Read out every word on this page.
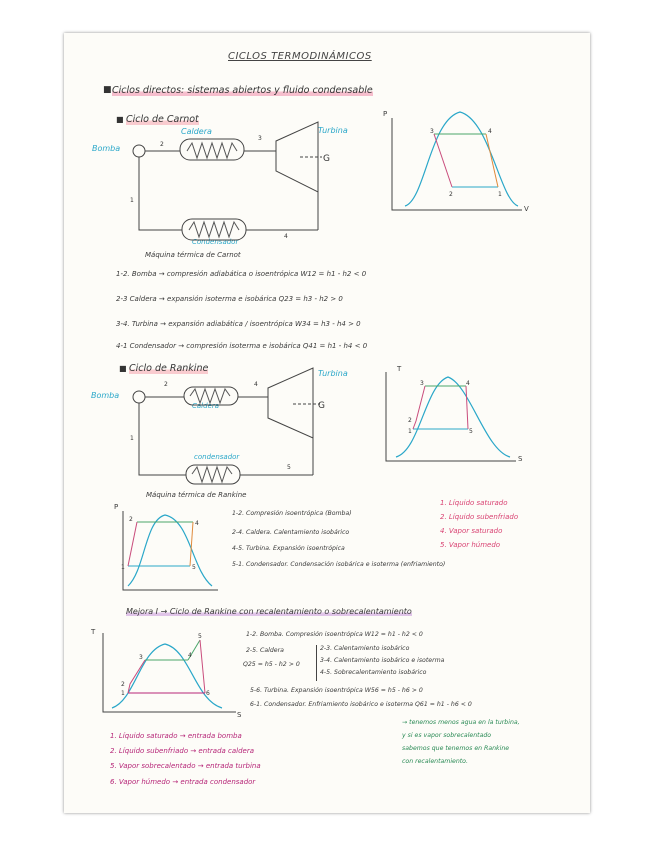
CICLOS TERMODINÁMICOS
■ Ciclos directos: sistemas abiertos y fluido condensable
■ Ciclo de Carnot
Caldera	Turbina
Bomba
Condensador
Máquina térmica de Carnot
2
3
1
4
G
P
V
3	4
2	1
1-2. Bomba → compresión adiabática o isoentrópica W12 = h1 - h2 < 0
2-3 Caldera → expansión isoterma e isobárica Q23 = h3 - h2 > 0
3-4. Turbina → expansión adiabática / isoentrópica W34 = h3 - h4 > 0
4-1 Condensador → compresión isoterma e isobárica Q41 = h1 - h4 < 0
■ Ciclo de Rankine
Bomba
Caldera
Turbina
condensador
Máquina térmica de Rankine
2	4
1
5
G
T
S
3	4
2
1	5
P
2
4
1	5
1-2. Compresión isoentrópica (Bomba)
2-4. Caldera. Calentamiento isobárico
4-5. Turbina. Expansión isoentrópica
5-1. Condensador. Condensación isobárica e isoterma (enfriamiento)
1. Líquido saturado
2. Líquido subenfriado
4. Vapor saturado
5. Vapor húmedo
Mejora I → Ciclo de Rankine con recalentamiento o sobrecalentamiento
T
S
3	4
5
2
1	6
1-2. Bomba. Compresión isoentrópica W12 = h1 - h2 < 0
2-5. Caldera
Q25 = h5 - h2 > 0
2-3. Calentamiento isobárico
3-4. Calentamiento isobárico e isoterma
4-5. Sobrecalentamiento isobárico
5-6. Turbina. Expansión isoentrópica W56 = h5 - h6 > 0
6-1. Condensador. Enfriamiento isobárico e isoterma Q61 = h1 - h6 < 0
1. Líquido saturado → entrada bomba
2. Líquido subenfriado → entrada caldera
5. Vapor sobrecalentado → entrada turbina
6. Vapor húmedo → entrada condensador
→ tenemos menos agua en la turbina,
y si es vapor sobrecalentado
sabemos que tenemos en Rankine
con recalentamiento.
